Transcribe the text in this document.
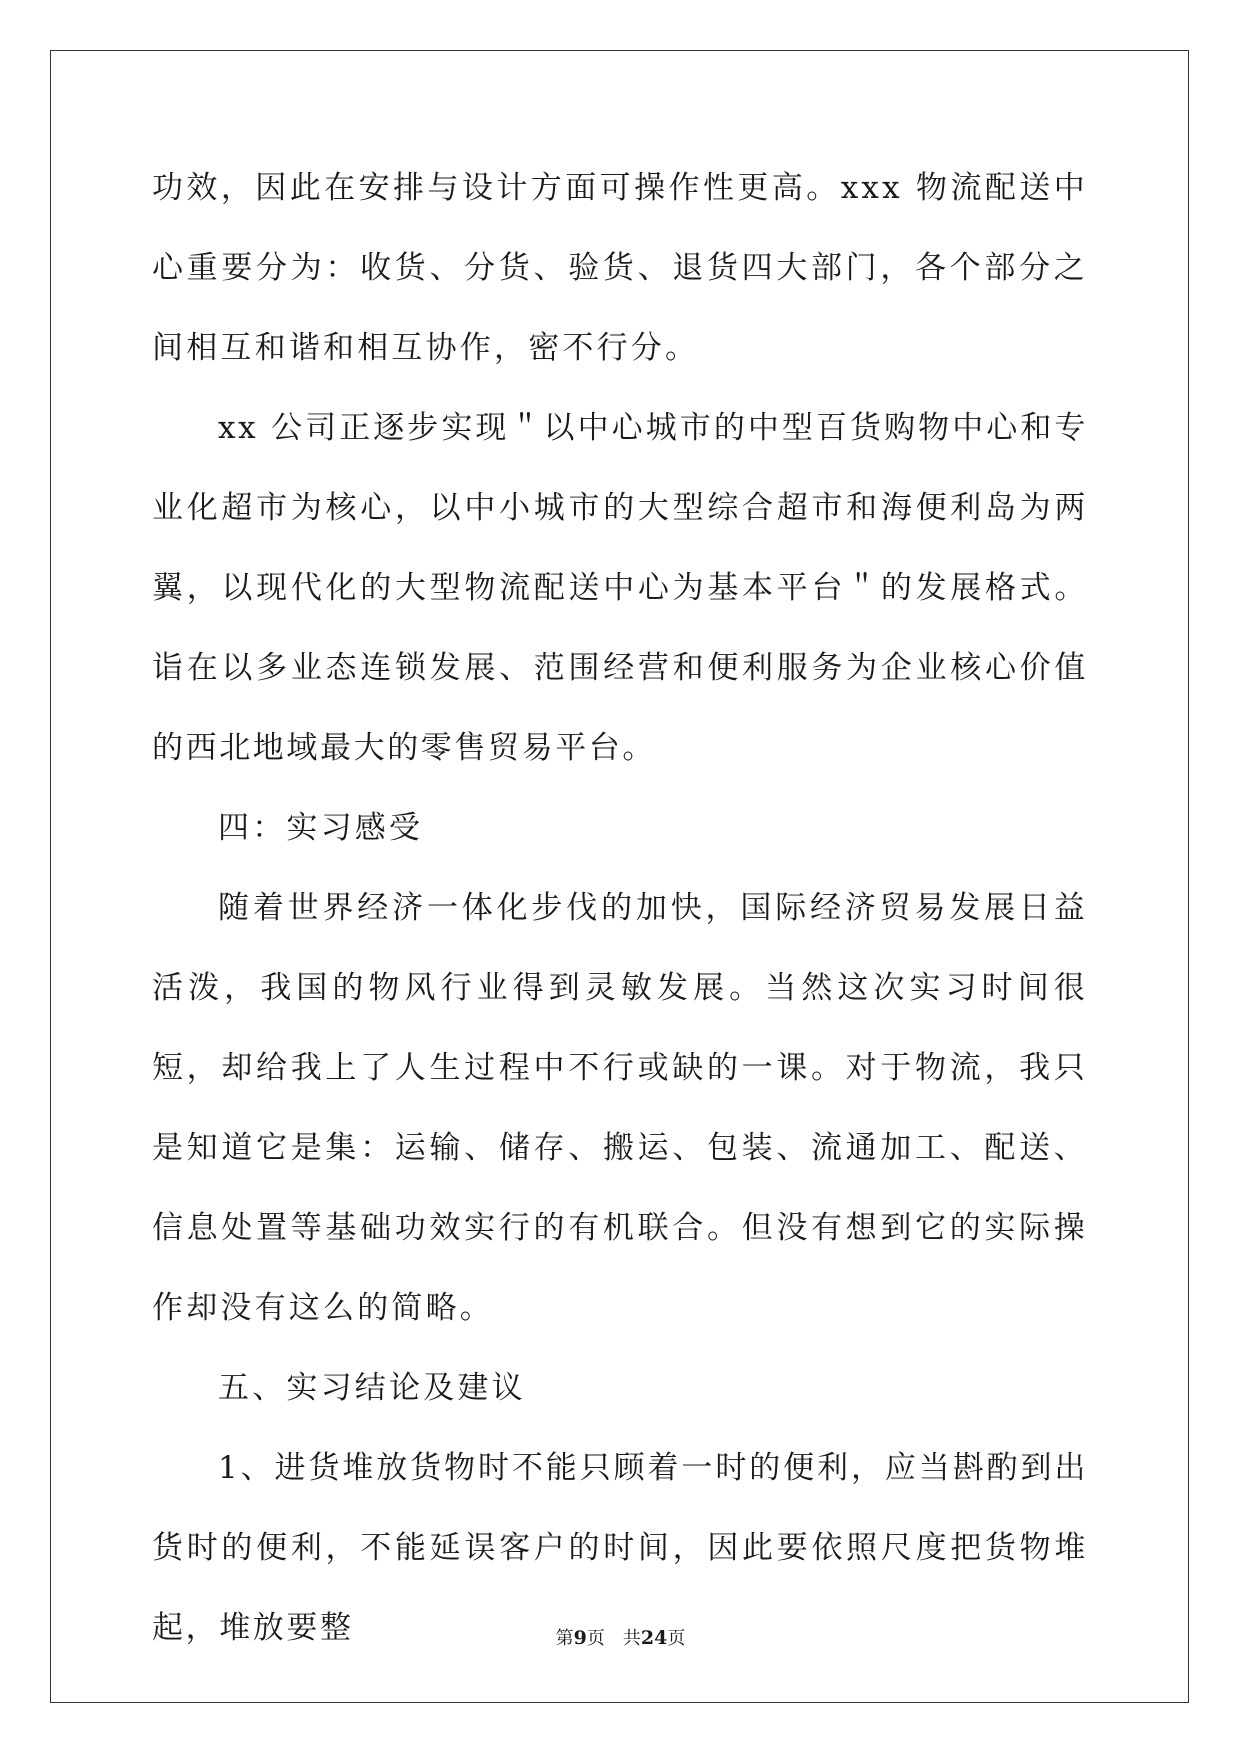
功效，因此在安排与设计方面可操作性更高。xxx 物流配送中心重要分为：收货、分货、验货、退货四大部门，各个部分之间相互和谐和相互协作，密不行分。

xx 公司正逐步实现＂以中心城市的中型百货购物中心和专业化超市为核心，以中小城市的大型综合超市和海便利岛为两翼，以现代化的大型物流配送中心为基本平台＂的发展格式。诣在以多业态连锁发展、范围经营和便利服务为企业核心价值的西北地域最大的零售贸易平台。

四：实习感受

随着世界经济一体化步伐的加快，国际经济贸易发展日益活泼，我国的物风行业得到灵敏发展。当然这次实习时间很短，却给我上了人生过程中不行或缺的一课。对于物流，我只是知道它是集：运输、储存、搬运、包装、流通加工、配送、信息处置等基础功效实行的有机联合。但没有想到它的实际操作却没有这么的简略。

五、实习结论及建议

1、进货堆放货物时不能只顾着一时的便利，应当斟酌到出货时的便利，不能延误客户的时间，因此要依照尺度把货物堆起，堆放要整	第9页　共24页
